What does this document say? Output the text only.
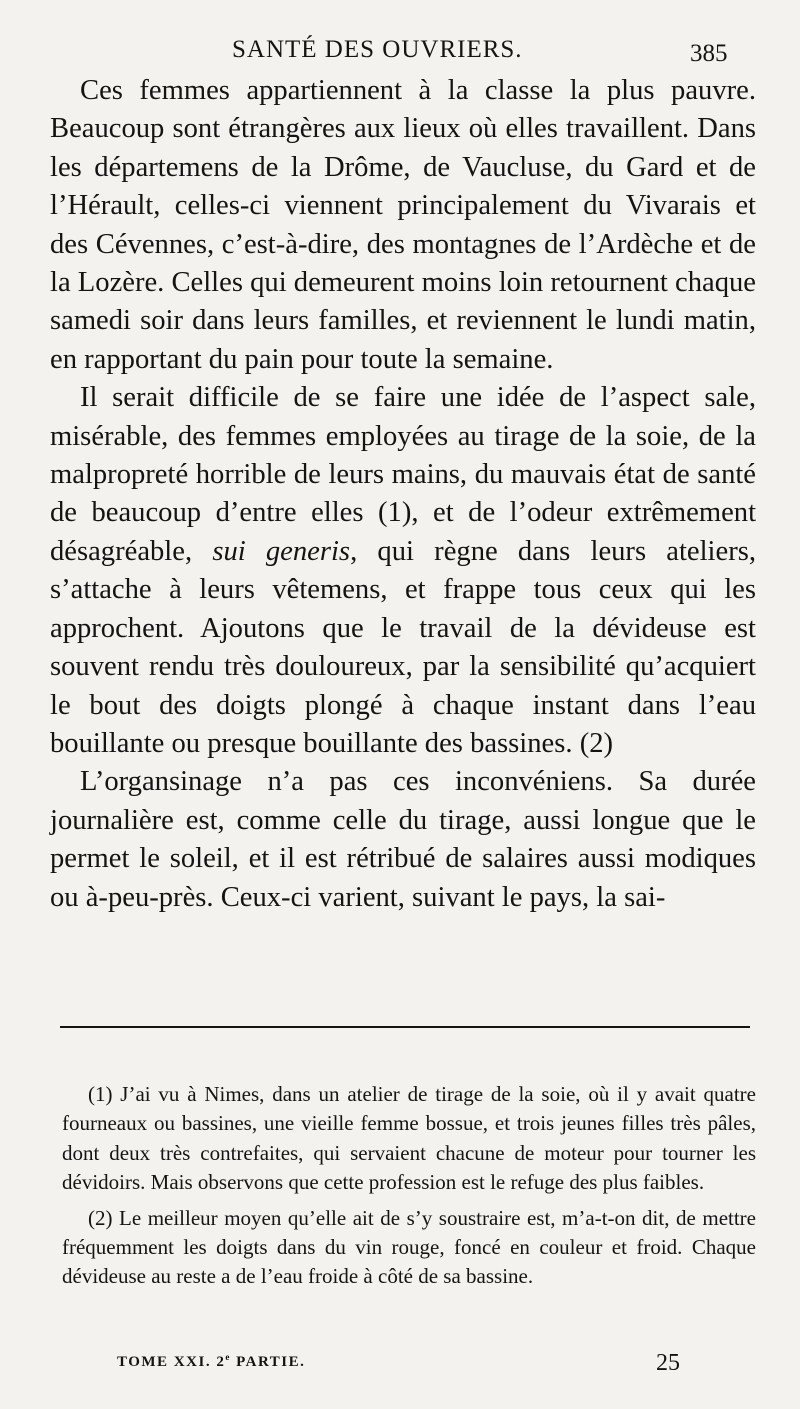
SANTÉ DES OUVRIERS.	385

Ces femmes appartiennent à la classe la plus pauvre. Beaucoup sont étrangères aux lieux où elles travaillent. Dans les départemens de la Drôme, de Vaucluse, du Gard et de l’Hérault, celles-ci viennent principalement du Vivarais et des Cévennes, c’est-à-dire, des montagnes de l’Ardèche et de la Lozère. Celles qui demeurent moins loin retournent chaque samedi soir dans leurs familles, et reviennent le lundi matin, en rapportant du pain pour toute la semaine.

Il serait difficile de se faire une idée de l’aspect sale, misérable, des femmes employées au tirage de la soie, de la malpropreté horrible de leurs mains, du mauvais état de santé de beaucoup d’entre elles (1), et de l’odeur extrêmement désagréable, sui generis, qui règne dans leurs ateliers, s’attache à leurs vêtemens, et frappe tous ceux qui les approchent. Ajoutons que le travail de la dévideuse est souvent rendu très douloureux, par la sensibilité qu’acquiert le bout des doigts plongé à chaque instant dans l’eau bouillante ou presque bouillante des bassines. (2)

L’organsinage n’a pas ces inconvéniens. Sa durée journalière est, comme celle du tirage, aussi longue que le permet le soleil, et il est rétribué de salaires aussi modiques ou à-peu-près. Ceux-ci varient, suivant le pays, la sai-

(1) J’ai vu à Nimes, dans un atelier de tirage de la soie, où il y avait quatre fourneaux ou bassines, une vieille femme bossue, et trois jeunes filles très pâles, dont deux très contrefaites, qui servaient chacune de moteur pour tourner les dévidoirs. Mais observons que cette profession est le refuge des plus faibles.

(2) Le meilleur moyen qu’elle ait de s’y soustraire est, m’a-t-on dit, de mettre fréquemment les doigts dans du vin rouge, foncé en couleur et froid. Chaque dévideuse au reste a de l’eau froide à côté de sa bassine.

TOME XXI. 2e PARTIE.	25
